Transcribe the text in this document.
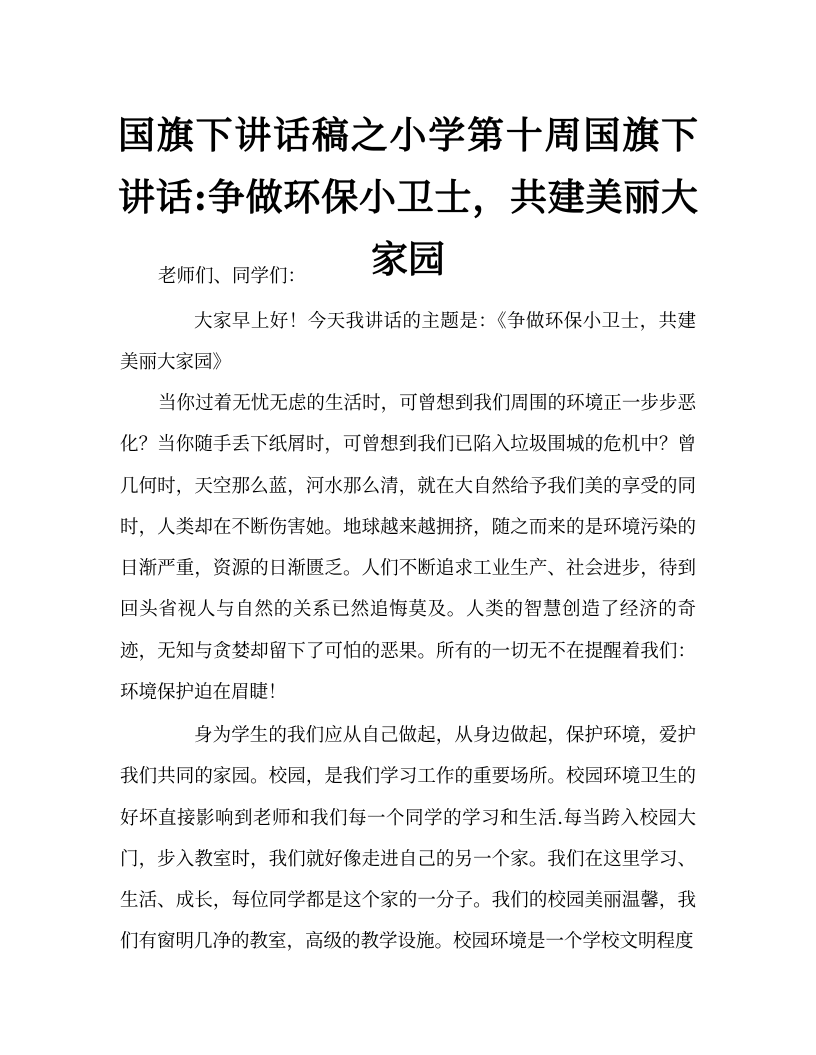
国旗下讲话稿之小学第十周国旗下讲话:争做环保小卫士，共建美丽大家园

老师们、同学们：

大家早上好！今天我讲话的主题是：《争做环保小卫士，共建美丽大家园》

当你过着无忧无虑的生活时，可曾想到我们周围的环境正一步步恶化？当你随手丢下纸屑时，可曾想到我们已陷入垃圾围城的危机中？曾几何时，天空那么蓝，河水那么清，就在大自然给予我们美的享受的同时，人类却在不断伤害她。地球越来越拥挤，随之而来的是环境污染的日渐严重，资源的日渐匮乏。人们不断追求工业生产、社会进步，待到回头省视人与自然的关系已然追悔莫及。人类的智慧创造了经济的奇迹，无知与贪婪却留下了可怕的恶果。所有的一切无不在提醒着我们：环境保护迫在眉睫！

身为学生的我们应从自己做起，从身边做起，保护环境，爱护我们共同的家园。校园，是我们学习工作的重要场所。校园环境卫生的好坏直接影响到老师和我们每一个同学的学习和生活.每当跨入校园大门，步入教室时，我们就好像走进自己的另一个家。我们在这里学习、生活、成长，每位同学都是这个家的一分子。我们的校园美丽温馨，我们有窗明几净的教室，高级的教学设施。校园环境是一个学校文明程度
